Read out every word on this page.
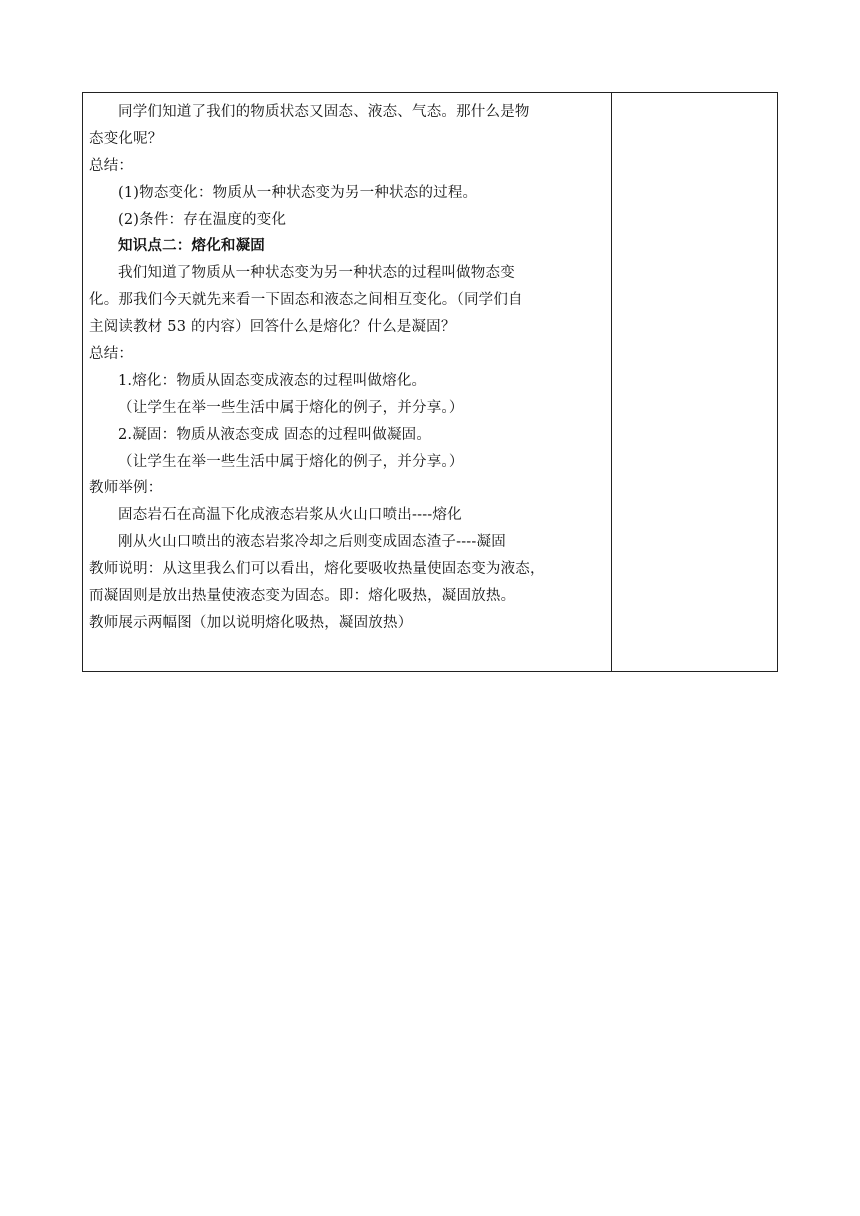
同学们知道了我们的物质状态又固态、液态、气态。那什么是物
态变化呢？
总结：
(1)物态变化：物质从一种状态变为另一种状态的过程。
(2)条件：存在温度的变化
知识点二：熔化和凝固
我们知道了物质从一种状态变为另一种状态的过程叫做物态变
化。那我们今天就先来看一下固态和液态之间相互变化。（同学们自
主阅读教材 53 的内容）回答什么是熔化？什么是凝固？
总结：
1.熔化：物质从固态变成液态的过程叫做熔化。
（让学生在举一些生活中属于熔化的例子，并分享。）
2.凝固：物质从液态变成 固态的过程叫做凝固。
（让学生在举一些生活中属于熔化的例子，并分享。）
教师举例：
固态岩石在高温下化成液态岩浆从火山口喷出----熔化
刚从火山口喷出的液态岩浆冷却之后则变成固态渣子----凝固
教师说明：从这里我么们可以看出，熔化要吸收热量使固态变为液态，
而凝固则是放出热量使液态变为固态。即：熔化吸热，凝固放热。
教师展示两幅图（加以说明熔化吸热，凝固放热）
